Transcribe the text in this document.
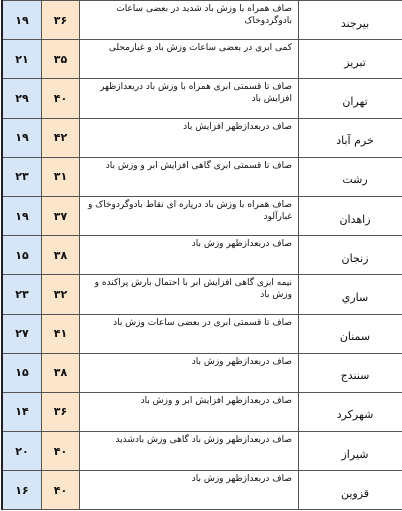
۱۹	۳۶	صاف همراه با وزش باد شدید در بعضی ساعات بادوگردوخاک	بیرجند
۲۱	۳۵	کمی ابری در بعضی ساعات وزش باد و غبارمحلی	تبریز
۲۹	۴۰	صاف تا قسمتی ابری همراه با وزش باد دربعدازظهر افزایش باد	تهران
۱۹	۴۲	صاف دربعدازظهر افزایش باد	خرم آباد
۲۳	۳۱	صاف تا قسمتی ابری گاهی افزایش ابر و وزش باد	رشت
۱۹	۳۷	صاف همراه با وزش باد درپاره ای نقاط بادوگردوخاک و غبارآلود	زاهدان
۱۵	۳۸	صاف دربعدازظهر وزش باد	زنجان
۲۳	۳۲	نیمه ابری گاهی افزایش ابر با احتمال بارش پراکنده و وزش باد	ساري
۲۷	۴۱	صاف تا قسمتی ابری در بعضی ساعات وزش باد	سمنان
۱۵	۳۸	صاف دربعدازظهر وزش باد	سنندج
۱۴	۳۶	صاف دربعدازظهر افزایش ابر و وزش باد	شهرکرد
۲۰	۴۰	صاف دربعدازظهر وزش باد گاهی وزش بادشدید	شیراز
۱۶	۴۰	صاف دربعدازظهر وزش باد	قزوین
